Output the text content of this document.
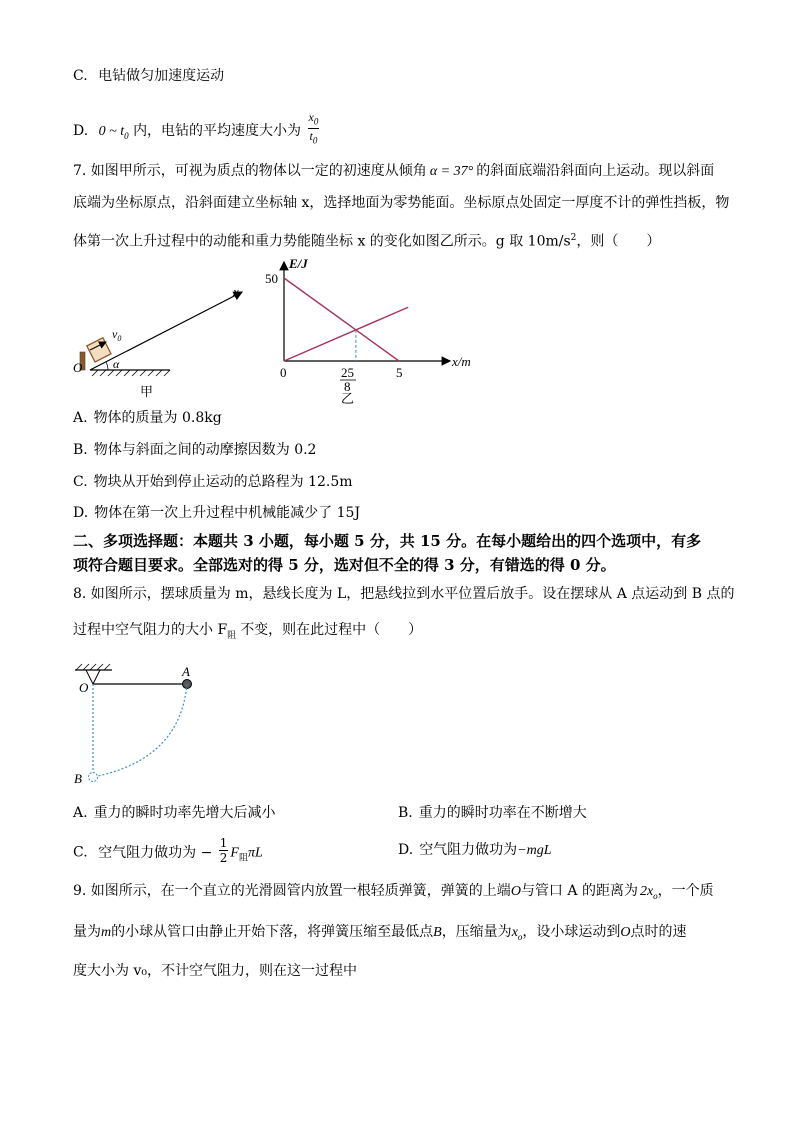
C. 电钻做匀加速度运动
D. 0 ~ $t_0$ 内，电钻的平均速度大小为 $\frac{x_0}{t_0}$
7. 如图甲所示，可视为质点的物体以一定的初速度从倾角 α = 37° 的斜面底端沿斜面向上运动。现以斜面
底端为坐标原点，沿斜面建立坐标轴 x，选择地面为零势能面。坐标原点处固定一厚度不计的弹性挡板，物
体第一次上升过程中的动能和重力势能随坐标 x 的变化如图乙所示。g 取 $10m/s^2$，则（　　）
x
$v_0$
α
O
甲
E/J
x/m
50
0	25
8
5
乙
A. 物体的质量为 0.8kg
B. 物体与斜面之间的动摩擦因数为 0.2
C. 物块从开始到停止运动的总路程为 12.5m
D. 物体在第一次上升过程中机械能减少了 15J
二、多项选择题：本题共 3 小题，每小题 5 分，共 15 分。在每小题给出的四个选项中，有多
项符合题目要求。全部选对的得 5 分，选对但不全的得 3 分，有错选的得 0 分。
8. 如图所示，摆球质量为 m，悬线长度为 L，把悬线拉到水平位置后放手。设在摆球从 A 点运动到 B 点的
过程中空气阻力的大小 $F_阻$ 不变，则在此过程中（　　）
O
A
B
A. 重力的瞬时功率先增大后减小	B. 重力的瞬时功率在不断增大
C. 空气阻力做功为 − $\frac{1}{2} F_阻\pi L$	D. 空气阻力做功为−mgL
9. 如图所示，在一个直立的光滑圆管内放置一根轻质弹簧，弹簧的上端O与管口 A 的距离为 $2x_o$，一个质
量为m的小球从管口由静止开始下落，将弹簧压缩至最低点B，压缩量为$x_o$，设小球运动到O点时的速
度大小为 v₀，不计空气阻力，则在这一过程中
